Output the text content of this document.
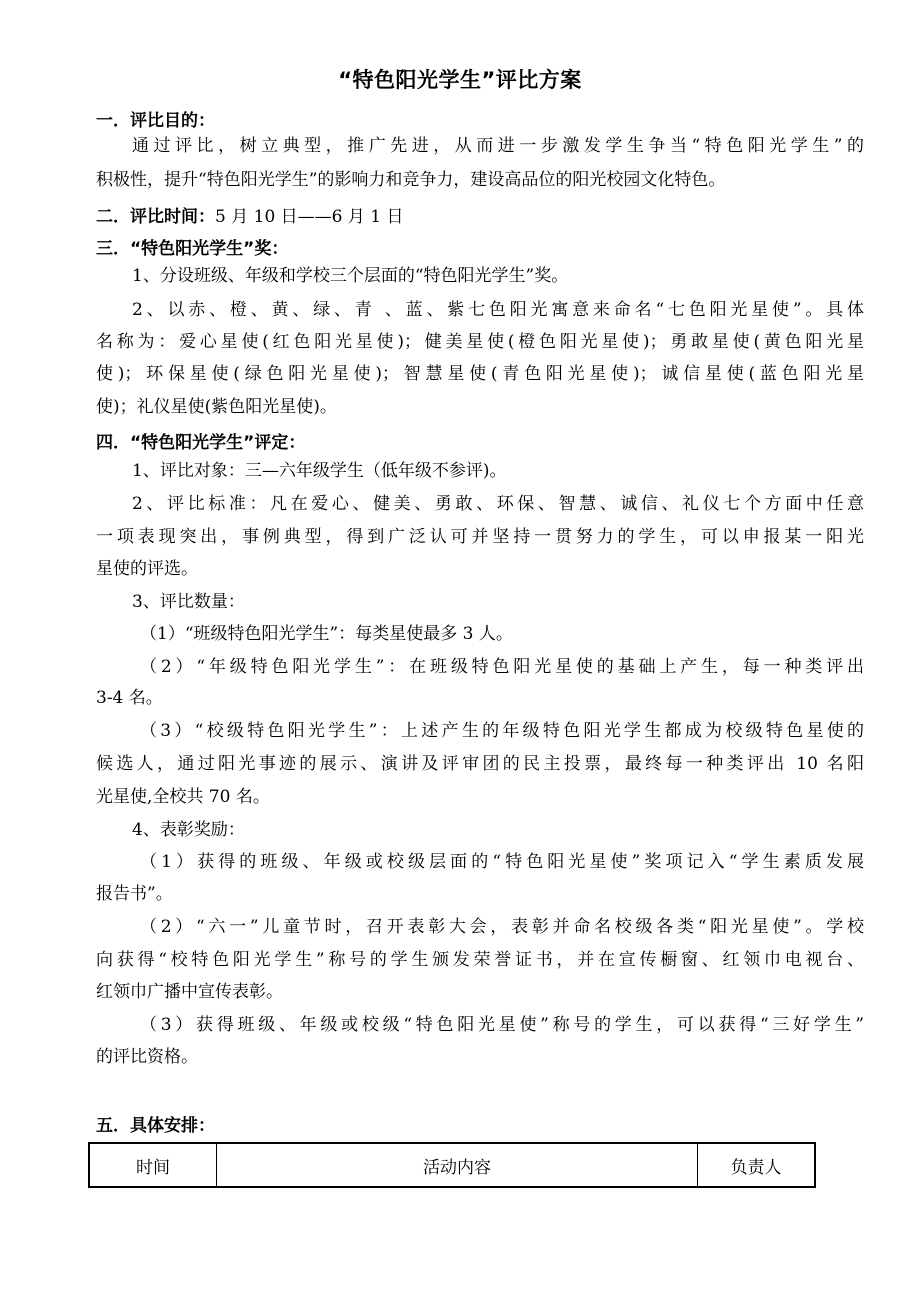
“特色阳光学生”评比方案
一．评比目的：
通过评比，树立典型，推广先进，从而进一步激发学生争当“特色阳光学生”的
积极性，提升“特色阳光学生”的影响力和竞争力，建设高品位的阳光校园文化特色。
二．评比时间：5 月 10 日——6 月 1 日
三．“特色阳光学生”奖：
1、分设班级、年级和学校三个层面的“特色阳光学生”奖。
2、以赤、橙、黄、绿、青 、蓝、紫七色阳光寓意来命名“七色阳光星使”。具体
名称为：爱心星使(红色阳光星使)；健美星使(橙色阳光星使)；勇敢星使(黄色阳光星
使)；环保星使(绿色阳光星使)；智慧星使(青色阳光星使)；诚信星使(蓝色阳光星
使)；礼仪星使(紫色阳光星使)。
四．“特色阳光学生”评定：
1、评比对象：三—六年级学生（低年级不参评)。
2、评比标准：凡在爱心、健美、勇敢、环保、智慧、诚信、礼仪七个方面中任意
一项表现突出，事例典型，得到广泛认可并坚持一贯努力的学生，可以申报某一阳光
星使的评选。
3、评比数量：
（1）“班级特色阳光学生”：每类星使最多 3 人。
（2）“年级特色阳光学生”：在班级特色阳光星使的基础上产生，每一种类评出
3-4 名。
（3）“校级特色阳光学生”：上述产生的年级特色阳光学生都成为校级特色星使的
候选人，通过阳光事迹的展示、演讲及评审团的民主投票，最终每一种类评出 10 名阳
光星使,全校共 70 名。
4、表彰奖励：
（1）获得的班级、年级或校级层面的“特色阳光星使”奖项记入“学生素质发展
报告书”。
（2）“六一”儿童节时，召开表彰大会，表彰并命名校级各类“阳光星使”。学校
向获得“校特色阳光学生”称号的学生颁发荣誉证书，并在宣传橱窗、红领巾电视台、
红领巾广播中宣传表彰。
（3）获得班级、年级或校级“特色阳光星使”称号的学生，可以获得“三好学生”
的评比资格。
五．具体安排：
时间	活动内容	负责人
